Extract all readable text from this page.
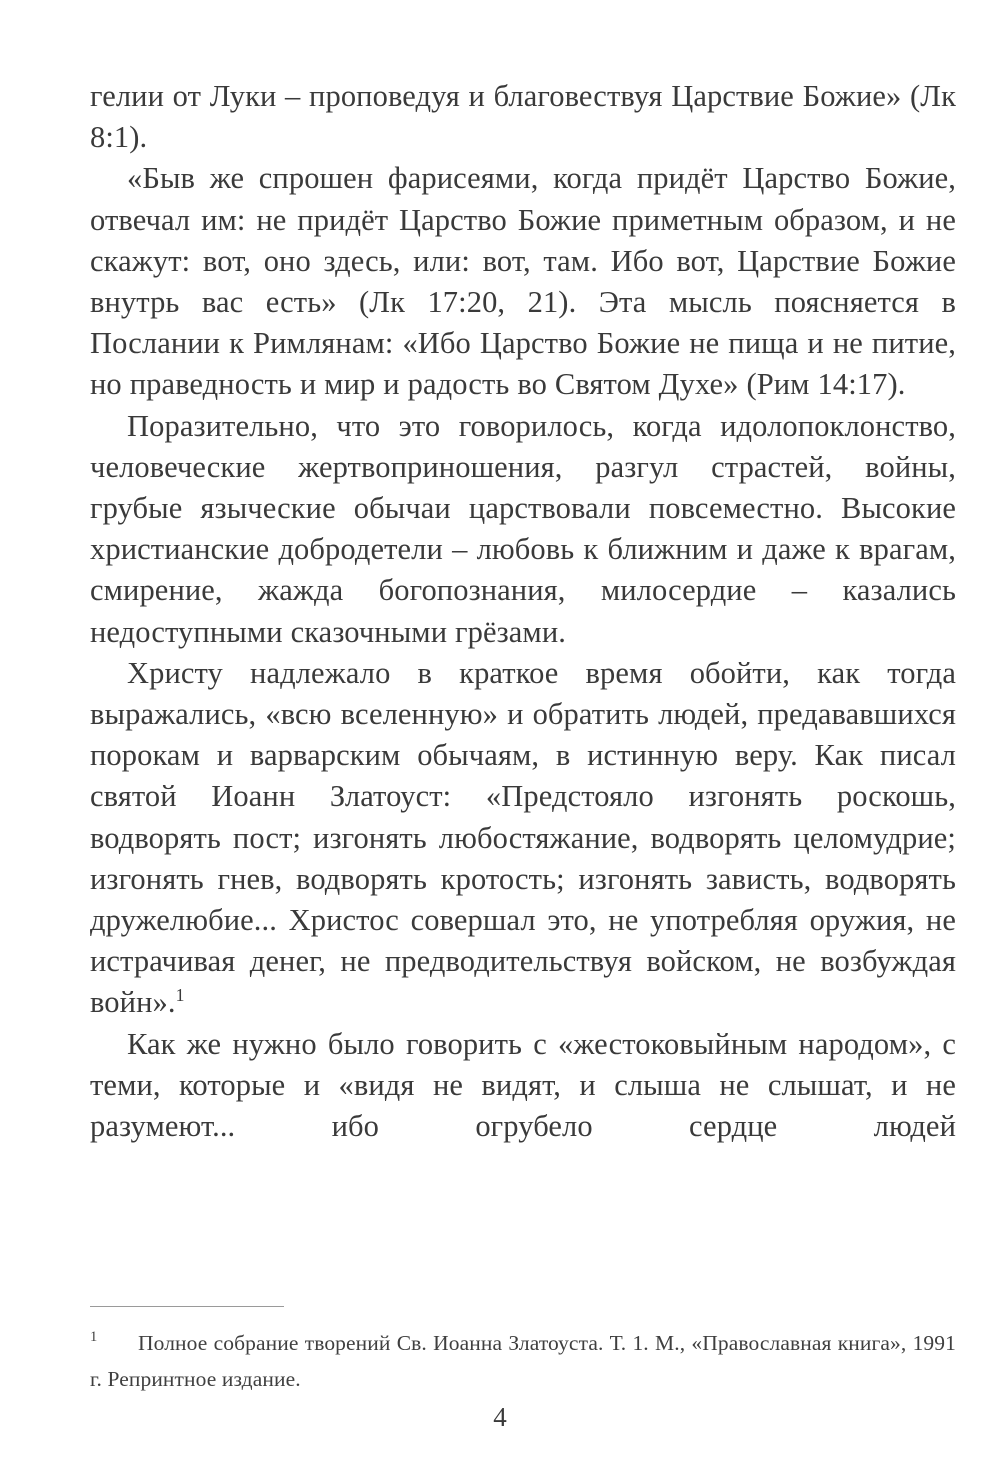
гелии от Луки – проповедуя и благовествуя Царствие Божие» (Лк 8:1).

«Быв же спрошен фарисеями, когда придёт Царство Божие, отвечал им: не придёт Царство Божие приметным образом, и не скажут: вот, оно здесь, или: вот, там. Ибо вот, Царствие Божие внутрь вас есть» (Лк 17:20, 21). Эта мысль поясняется в Послании к Римлянам: «Ибо Царство Божие не пища и не питие, но праведность и мир и радость во Святом Духе» (Рим 14:17).

Поразительно, что это говорилось, когда идолопоклонство, человеческие жертвоприношения, разгул страстей, войны, грубые языческие обычаи царствовали повсеместно. Высокие христианские добродетели – любовь к ближним и даже к врагам, смирение, жажда богопознания, милосердие – казались недоступными сказочными грёзами.

Христу надлежало в краткое время обойти, как тогда выражались, «всю вселенную» и обратить людей, предававшихся порокам и варварским обычаям, в истинную веру. Как писал святой Иоанн Златоуст: «Предстояло изгонять роскошь, водворять пост; изгонять любостяжание, водворять целомудрие; изгонять гнев, водворять кротость; изгонять зависть, водворять дружелюбие... Христос совершал это, не употребляя оружия, не истрачивая денег, не предводительствуя войском, не возбуждая войн».$^1$

Как же нужно было говорить с «жестоковыйным народом», с теми, которые и «видя не видят, и слыша не слышат, и не разумеют... ибо огрубело сердце людей

1 Полное собрание творений Св. Иоанна Златоуста. Т. 1. М., «Православная книга», 1991 г. Репринтное издание.

4
